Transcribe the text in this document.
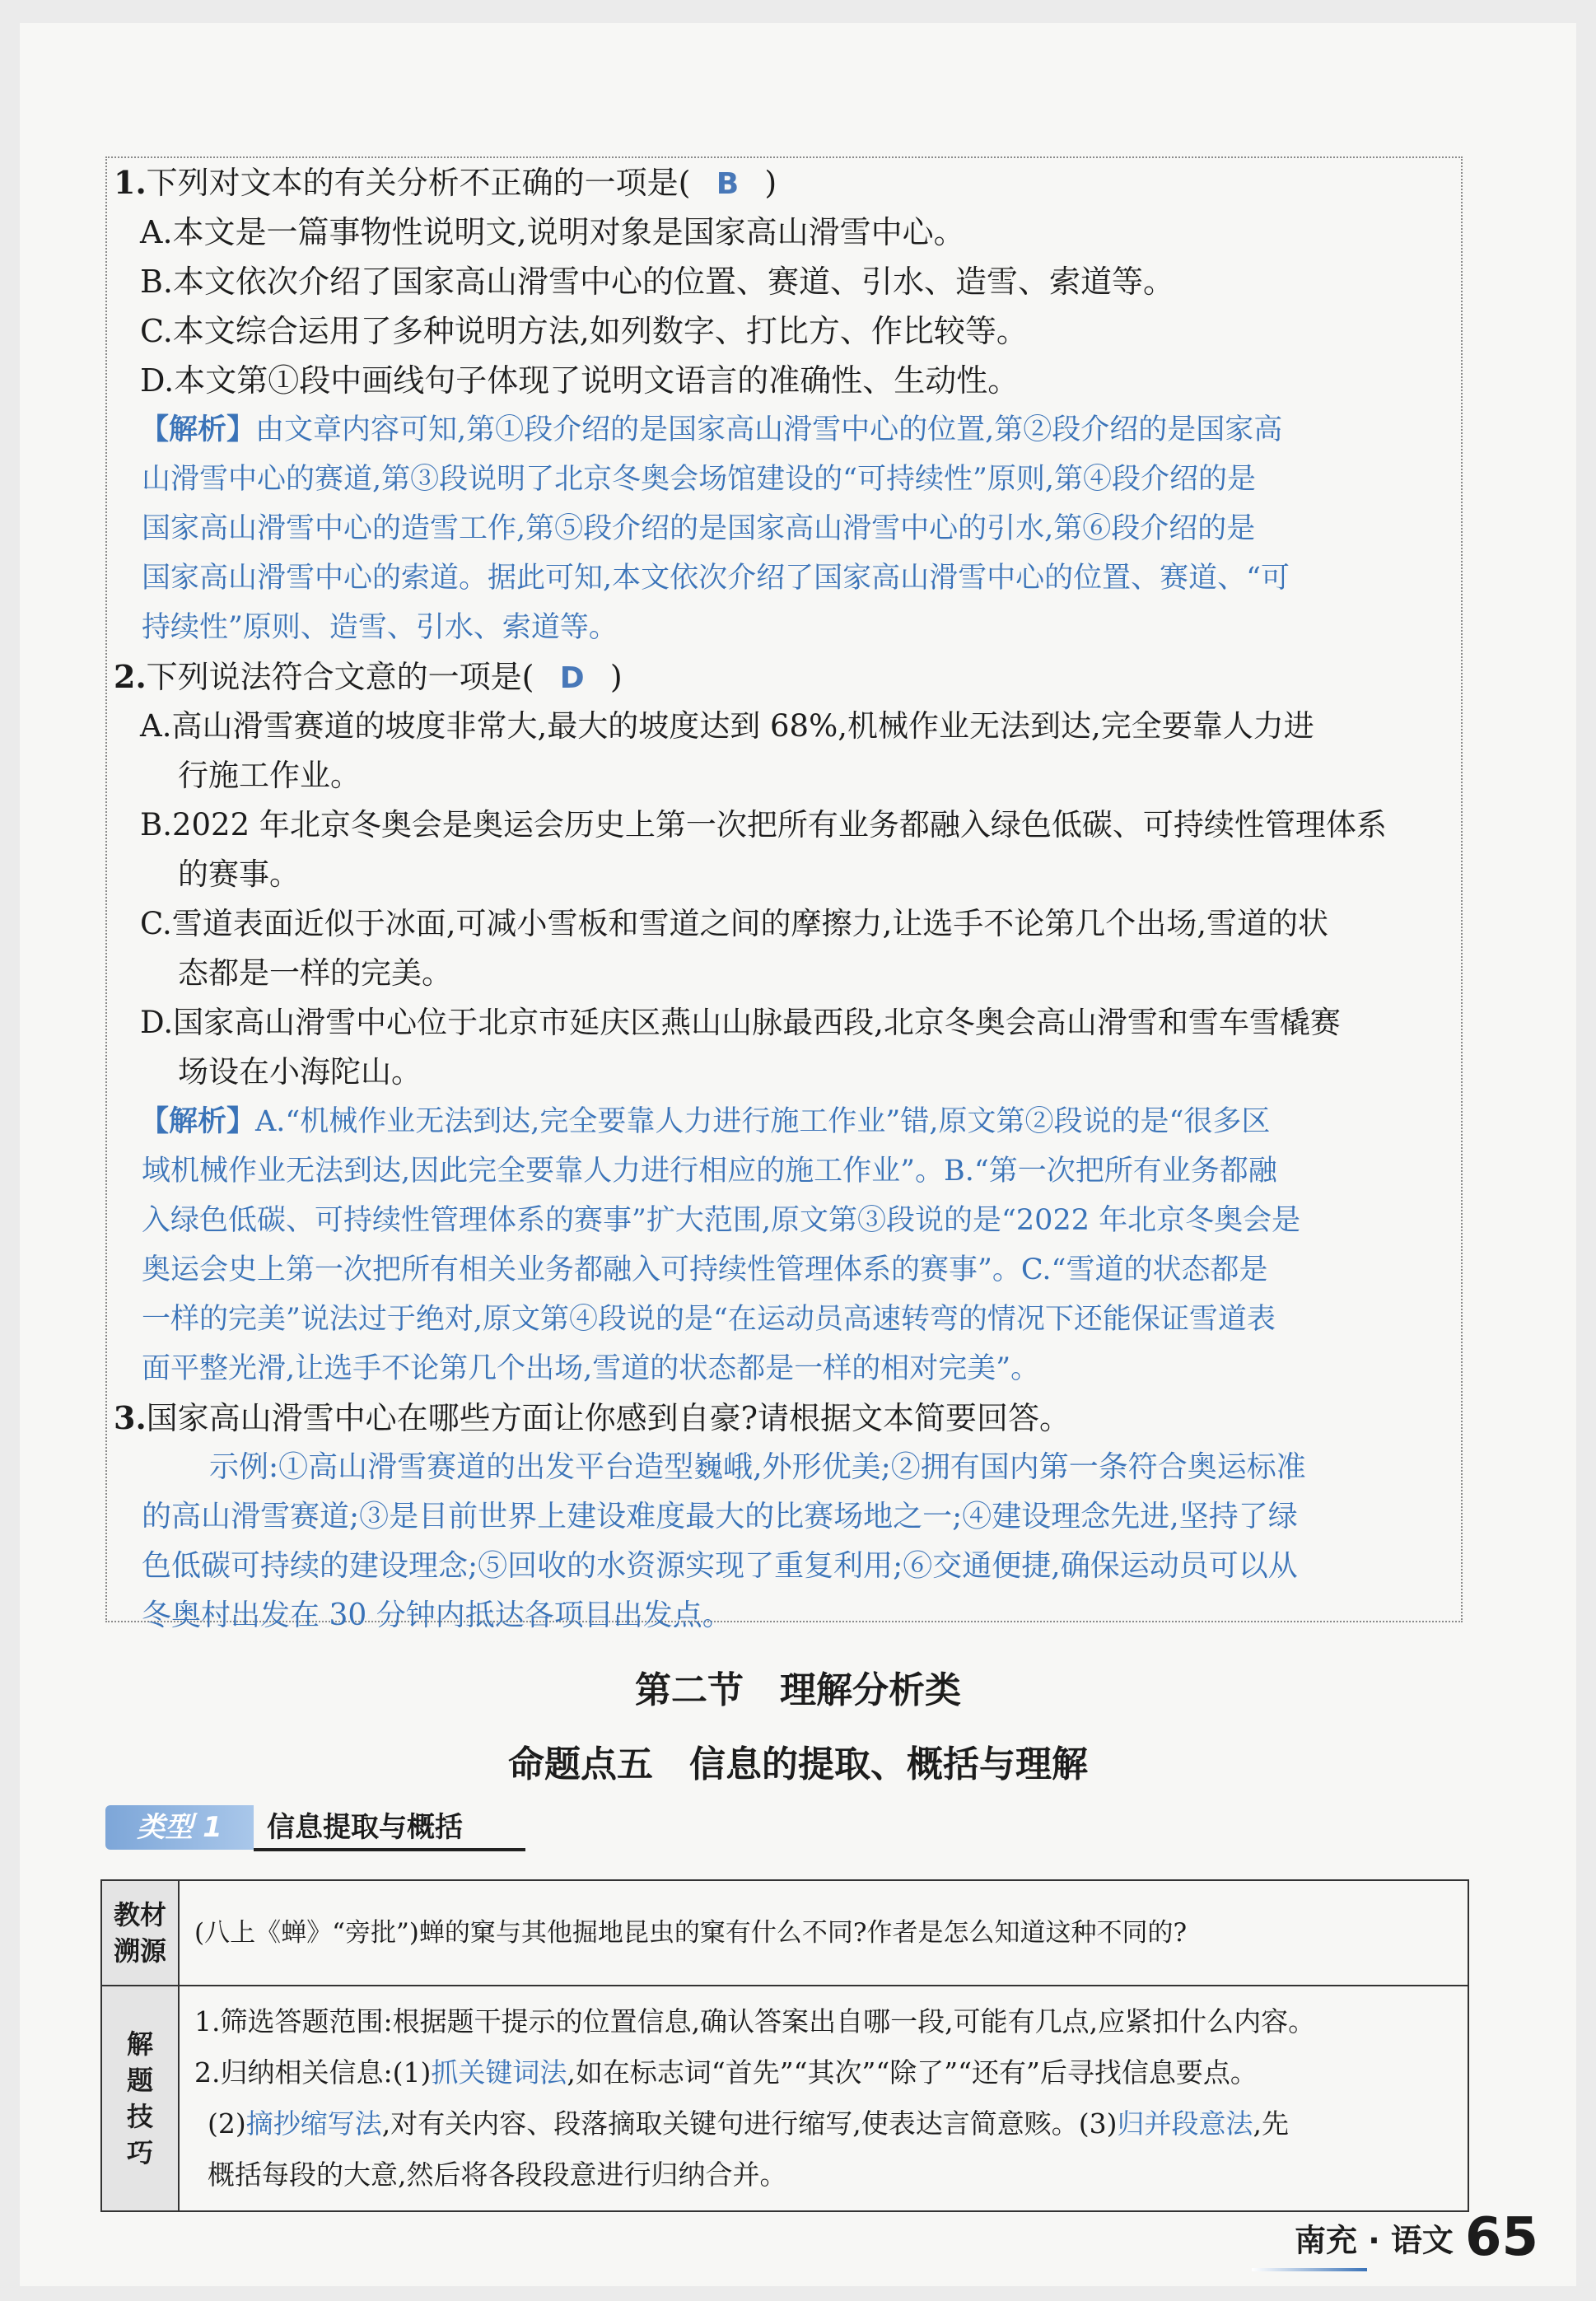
1.下列对文本的有关分析不正确的一项是( B )
A.本文是一篇事物性说明文,说明对象是国家高山滑雪中心。
B.本文依次介绍了国家高山滑雪中心的位置、赛道、引水、造雪、索道等。
C.本文综合运用了多种说明方法,如列数字、打比方、作比较等。
D.本文第①段中画线句子体现了说明文语言的准确性、生动性。
【解析】由文章内容可知,第①段介绍的是国家高山滑雪中心的位置,第②段介绍的是国家高
山滑雪中心的赛道,第③段说明了北京冬奥会场馆建设的“可持续性”原则,第④段介绍的是
国家高山滑雪中心的造雪工作,第⑤段介绍的是国家高山滑雪中心的引水,第⑥段介绍的是
国家高山滑雪中心的索道。据此可知,本文依次介绍了国家高山滑雪中心的位置、赛道、“可
持续性”原则、造雪、引水、索道等。
2.下列说法符合文意的一项是( D )
A.高山滑雪赛道的坡度非常大,最大的坡度达到 68%,机械作业无法到达,完全要靠人力进
行施工作业。
B.2022 年北京冬奥会是奥运会历史上第一次把所有业务都融入绿色低碳、可持续性管理体系
的赛事。
C.雪道表面近似于冰面,可减小雪板和雪道之间的摩擦力,让选手不论第几个出场,雪道的状
态都是一样的完美。
D.国家高山滑雪中心位于北京市延庆区燕山山脉最西段,北京冬奥会高山滑雪和雪车雪橇赛
场设在小海陀山。
【解析】A.“机械作业无法到达,完全要靠人力进行施工作业”错,原文第②段说的是“很多区
域机械作业无法到达,因此完全要靠人力进行相应的施工作业”。B.“第一次把所有业务都融
入绿色低碳、可持续性管理体系的赛事”扩大范围,原文第③段说的是“2022 年北京冬奥会是
奥运会史上第一次把所有相关业务都融入可持续性管理体系的赛事”。C.“雪道的状态都是
一样的完美”说法过于绝对,原文第④段说的是“在运动员高速转弯的情况下还能保证雪道表
面平整光滑,让选手不论第几个出场,雪道的状态都是一样的相对完美”。
3.国家高山滑雪中心在哪些方面让你感到自豪?请根据文本简要回答。
示例:①高山滑雪赛道的出发平台造型巍峨,外形优美;②拥有国内第一条符合奥运标准
的高山滑雪赛道;③是目前世界上建设难度最大的比赛场地之一;④建设理念先进,坚持了绿
色低碳可持续的建设理念;⑤回收的水资源实现了重复利用;⑥交通便捷,确保运动员可以从
冬奥村出发在 30 分钟内抵达各项目出发点。
第二节　理解分析类
命题点五　信息的提取、概括与理解
类型 1	信息提取与概括
教材溯源	(八上《蝉》“旁批”)蝉的窠与其他掘地昆虫的窠有什么不同?作者是怎么知道这种不同的?

解题技巧	1.筛选答题范围:根据题干提示的位置信息,确认答案出自哪一段,可能有几点,应紧扣什么内容。
2.归纳相关信息:(1)抓关键词法,如在标志词“首先”“其次”“除了”“还有”后寻找信息要点。
(2)摘抄缩写法,对有关内容、段落摘取关键句进行缩写,使表达言简意赅。(3)归并段意法,先
概括每段的大意,然后将各段段意进行归纳合并。
南充 · 语文 65
